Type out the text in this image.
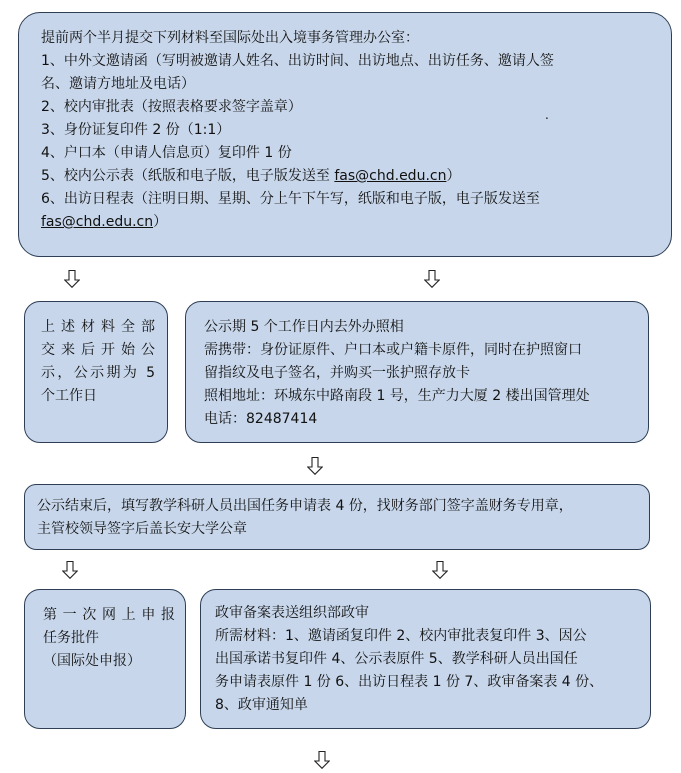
提前两个半月提交下列材料至国际处出入境事务管理办公室：
1、中外文邀请函（写明被邀请人姓名、出访时间、出访地点、出访任务、邀请人签
名、邀请方地址及电话）
2、校内审批表（按照表格要求签字盖章）
3、身份证复印件 2 份（1:1）
4、户口本（申请人信息页）复印件 1 份
5、校内公示表（纸版和电子版，电子版发送至 fas@chd.edu.cn）
6、出访日程表（注明日期、星期、分上午下午写，纸版和电子版，电子版发送至
fas@chd.edu.cn）
.
上述材料全部
交来后开始公
示，公示期为 5
个工作日
公示期 5 个工作日内去外办照相
需携带：身份证原件、户口本或户籍卡原件，同时在护照窗口
留指纹及电子签名，并购买一张护照存放卡
照相地址：环城东中路南段 1 号，生产力大厦 2 楼出国管理处
电话：82487414
公示结束后，填写教学科研人员出国任务申请表 4 份，找财务部门签字盖财务专用章，
主管校领导签字后盖长安大学公章
第一次网上申报
任务批件
（国际处申报）
政审备案表送组织部政审
所需材料：1、邀请函复印件 2、校内审批表复印件 3、因公
出国承诺书复印件 4、公示表原件 5、教学科研人员出国任
务申请表原件 1 份 6、出访日程表 1 份 7、政审备案表 4 份、
8、政审通知单
